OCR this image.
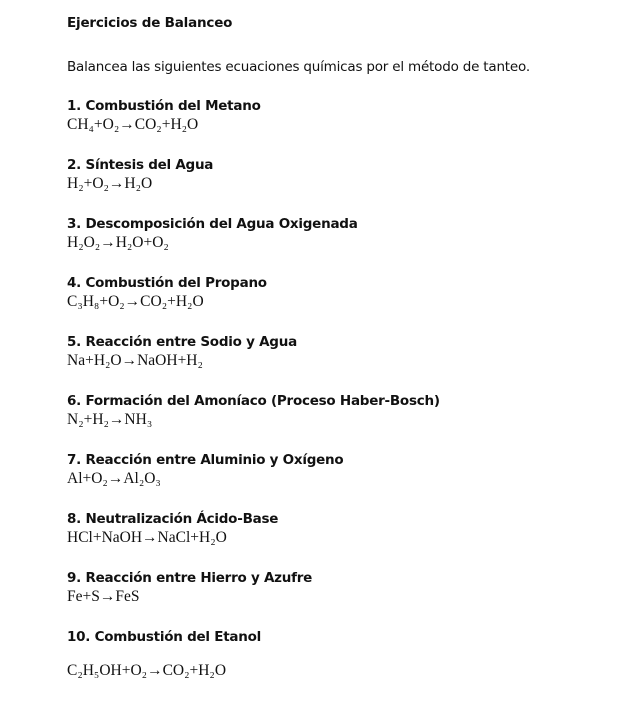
Ejercicios de Balanceo
Balancea las siguientes ecuaciones químicas por el método de tanteo.
1. Combustión del Metano
CH₄+O₂→CO₂+H₂O
2. Síntesis del Agua
H₂+O₂→H₂O
3. Descomposición del Agua Oxigenada
H₂O₂→H₂O+O₂
4. Combustión del Propano
C₃H₈+O₂→CO₂+H₂O
5. Reacción entre Sodio y Agua
Na+H₂O→NaOH+H₂
6. Formación del Amoníaco (Proceso Haber-Bosch)
N₂+H₂→NH₃
7. Reacción entre Aluminio y Oxígeno
Al+O₂→Al₂O₃
8. Neutralización Ácido-Base
HCl+NaOH→NaCl+H₂O
9. Reacción entre Hierro y Azufre
Fe+S→FeS
10. Combustión del Etanol
C₂H₅OH+O₂→CO₂+H₂O
